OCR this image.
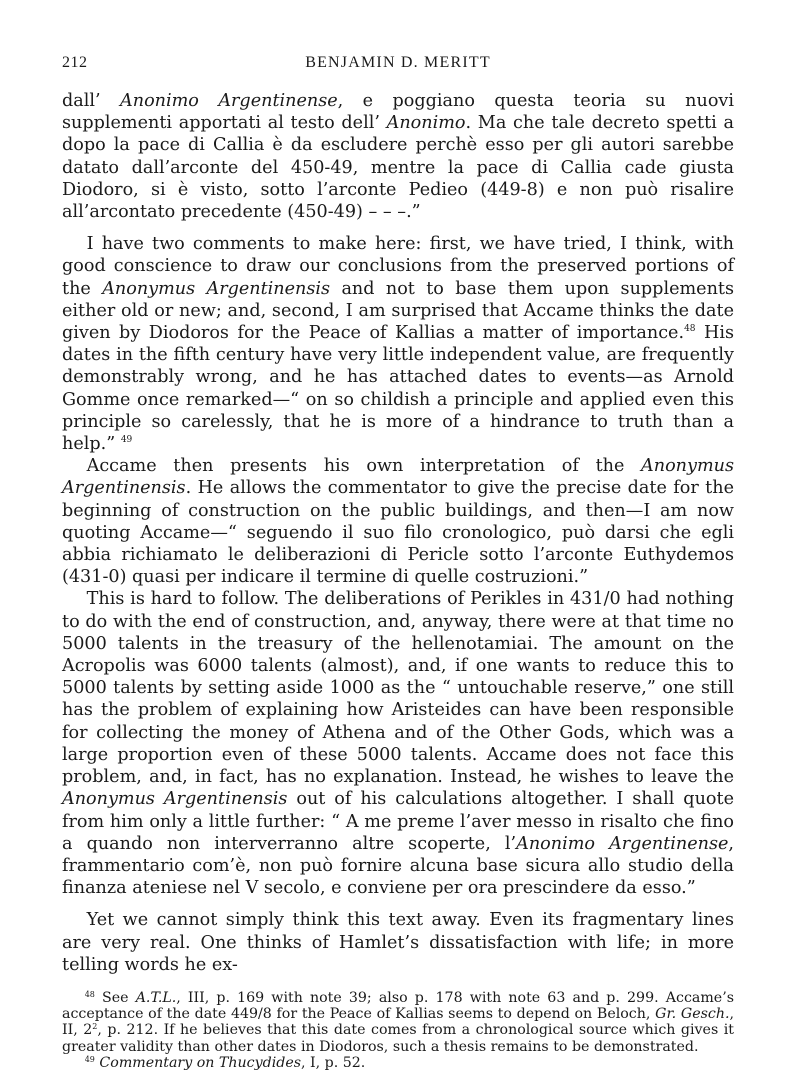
212	BENJAMIN D. MERITT

dall’ Anonimo Argentinense, e poggiano questa teoria su nuovi supplementi apportati al testo dell’ Anonimo. Ma che tale decreto spetti a dopo la pace di Callia è da escludere perchè esso per gli autori sarebbe datato dall’arconte del 450-49, mentre la pace di Callia cade giusta Diodoro, si è visto, sotto l’arconte Pedieo (449-8) e non può risalire all’arcontato precedente (450-49) – – –.”

I have two comments to make here: first, we have tried, I think, with good conscience to draw our conclusions from the preserved portions of the Anonymus Argentinensis and not to base them upon supplements either old or new; and, second, I am surprised that Accame thinks the date given by Diodoros for the Peace of Kallias a matter of importance.$^{48}$ His dates in the fifth century have very little independent value, are frequently demonstrably wrong, and he has attached dates to events—as Arnold Gomme once remarked—“ on so childish a principle and applied even this principle so carelessly, that he is more of a hindrance to truth than a help.” $^{49}$

Accame then presents his own interpretation of the Anonymus Argentinensis. He allows the commentator to give the precise date for the beginning of construction on the public buildings, and then—I am now quoting Accame—“ seguendo il suo filo cronologico, può darsi che egli abbia richiamato le deliberazioni di Pericle sotto l’arconte Euthydemos (431-0) quasi per indicare il termine di quelle costruzioni.”

This is hard to follow. The deliberations of Perikles in 431/0 had nothing to do with the end of construction, and, anyway, there were at that time no 5000 talents in the treasury of the hellenotamiai. The amount on the Acropolis was 6000 talents (almost), and, if one wants to reduce this to 5000 talents by setting aside 1000 as the “ untouchable reserve,” one still has the problem of explaining how Aristeides can have been responsible for collecting the money of Athena and of the Other Gods, which was a large proportion even of these 5000 talents. Accame does not face this problem, and, in fact, has no explanation. Instead, he wishes to leave the Anonymus Argentinensis out of his calculations altogether. I shall quote from him only a little further: “ A me preme l’aver messo in risalto che fino a quando non interverranno altre scoperte, l’Anonimo Argentinense, frammentario com’è, non può fornire alcuna base sicura allo studio della finanza ateniese nel V secolo, e conviene per ora prescindere da esso.”

Yet we cannot simply think this text away. Even its fragmentary lines are very real. One thinks of Hamlet’s dissatisfaction with life; in more telling words he ex-

$^{48}$ See A.T.L., III, p. 169 with note 39; also p. 178 with note 63 and p. 299. Accame’s acceptance of the date 449/8 for the Peace of Kallias seems to depend on Beloch, Gr. Gesch., II, $2^2$, p. 212. If he believes that this date comes from a chronological source which gives it greater validity than other dates in Diodoros, such a thesis remains to be demonstrated.

$^{49}$ Commentary on Thucydides, I, p. 52.
